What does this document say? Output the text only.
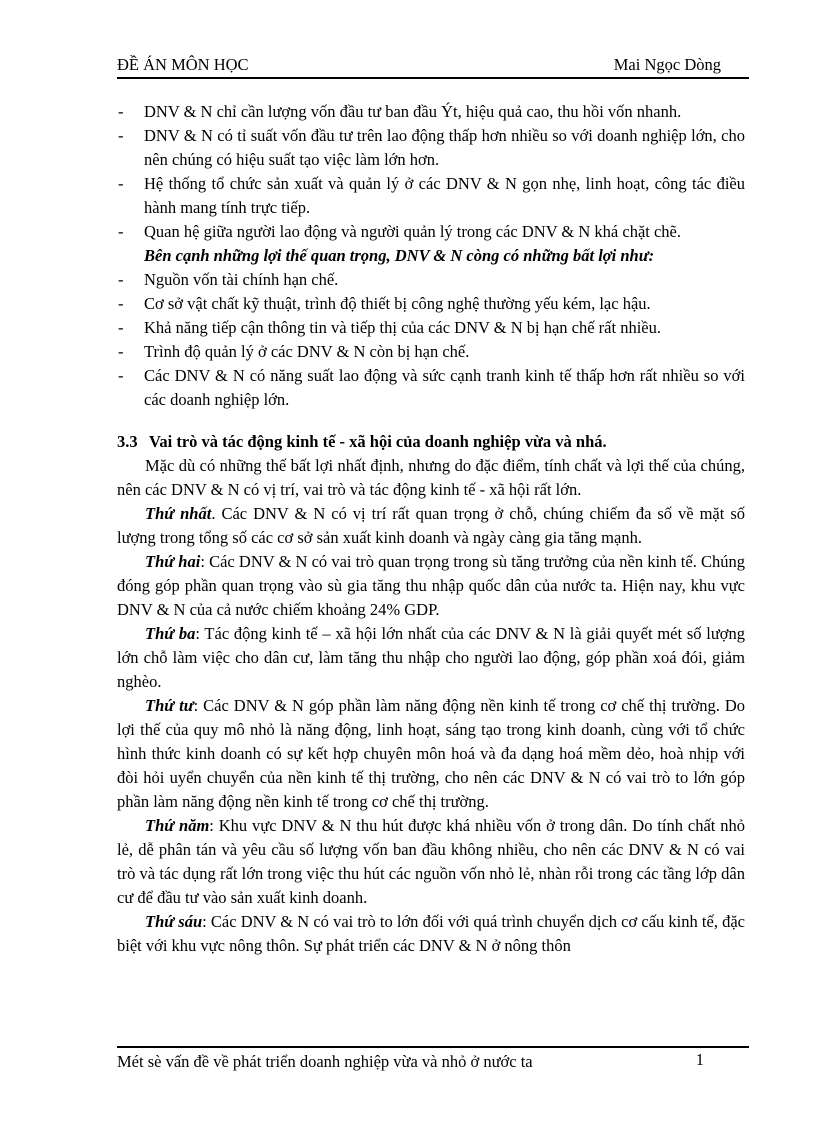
ĐỀ ÁN MÔN HỌC	Mai Ngọc Dòng
- DNV & N chỉ cần lượng vốn đầu tư ban đầu Ýt, hiệu quả cao, thu hồi vốn nhanh.
- DNV & N có tỉ suất vốn đầu tư trên lao động thấp hơn nhiều so với doanh nghiệp lớn, cho nên chúng có hiệu suất tạo việc làm lớn hơn.
- Hệ thống tổ chức sản xuất và quản lý ở các DNV & N gọn nhẹ, linh hoạt, công tác điều hành mang tính trực tiếp.
- Quan hệ giữa người lao động và người quản lý trong các DNV & N khá chặt chẽ.
Bên cạnh những lợi thế quan trọng, DNV & N còng có những bất lợi như:
- Nguồn vốn tài chính hạn chế.
- Cơ sở vật chất kỹ thuật, trình độ thiết bị công nghệ thường yếu kém, lạc hậu.
- Khả năng tiếp cận thông tin và tiếp thị của các DNV & N bị hạn chế rất nhiều.
- Trình độ quản lý ở các DNV & N còn bị hạn chế.
- Các DNV & N có năng suất lao động và sức cạnh tranh kinh tế thấp hơn rất nhiều so với các doanh nghiệp lớn.
3.3 Vai trò và tác động kinh tế - xã hội của doanh nghiệp vừa và nhá.
Mặc dù có những thế bất lợi nhất định, nhưng do đặc điểm, tính chất và lợi thế của chúng, nên các DNV & N có vị trí, vai trò và tác động kinh tế - xã hội rất lớn.
Thứ nhất. Các DNV & N có vị trí rất quan trọng ở chỗ, chúng chiếm đa số về mặt số lượng trong tổng số các cơ sở sản xuất kinh doanh và ngày càng gia tăng mạnh.
Thứ hai: Các DNV & N có vai trò quan trọng trong sù tăng trưởng của nền kinh tế. Chúng đóng góp phần quan trọng vào sù gia tăng thu nhập quốc dân của nước ta. Hiện nay, khu vực DNV & N của cả nước chiếm khoảng 24% GDP.
Thứ ba: Tác động kinh tế – xã hội lớn nhất của các DNV & N là giải quyết mét số lượng lớn chỗ làm việc cho dân cư, làm tăng thu nhập cho người lao động, góp phần xoá đói, giảm nghèo.
Thứ tư: Các DNV & N góp phần làm năng động nền kinh tế trong cơ chế thị trường. Do lợi thế của quy mô nhỏ là năng động, linh hoạt, sáng tạo trong kinh doanh, cùng với tổ chức hình thức kinh doanh có sự kết hợp chuyên môn hoá và đa dạng hoá mềm dẻo, hoà nhịp với đòi hỏi uyển chuyển của nền kinh tế thị trường, cho nên các DNV & N có vai trò to lớn góp phần làm năng động nền kinh tế trong cơ chế thị trường.
Thứ năm: Khu vực DNV & N thu hút được khá nhiều vốn ở trong dân. Do tính chất nhỏ lẻ, dễ phân tán và yêu cầu số lượng vốn ban đầu không nhiều, cho nên các DNV & N có vai trò và tác dụng rất lớn trong việc thu hút các nguồn vốn nhỏ lẻ, nhàn rỗi trong các tầng lớp dân cư để đầu tư vào sản xuất kinh doanh.
Thứ sáu: Các DNV & N có vai trò to lớn đối với quá trình chuyển dịch cơ cấu kinh tế, đặc biệt với khu vực nông thôn. Sự phát triển các DNV & N ở nông thôn
Mét sè vấn đề về phát triển doanh nghiệp vừa và nhỏ ở nước ta	1
